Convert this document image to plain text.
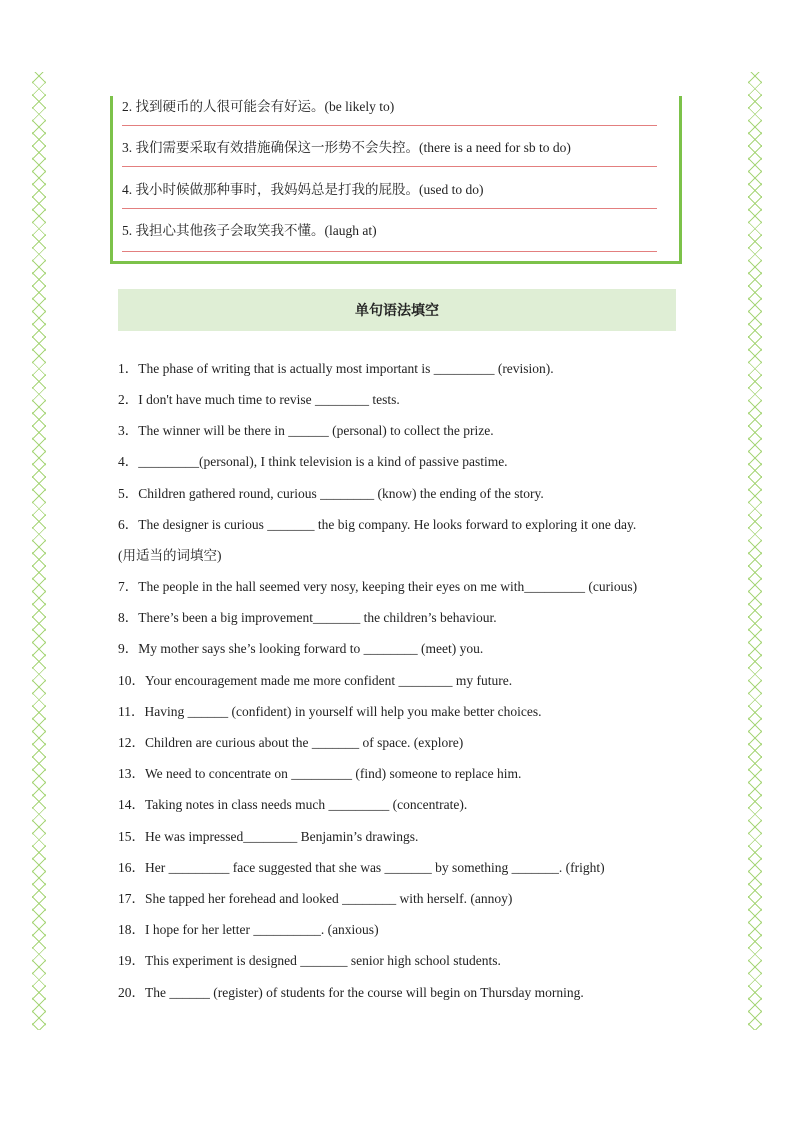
2. 找到硬币的人很可能会有好运。(be likely to)
3. 我们需要采取有效措施确保这一形势不会失控。(there is a need for sb to do)
4. 我小时候做那种事时，我妈妈总是打我的屁股。(used to do)
5. 我担心其他孩子会取笑我不懂。(laugh at)
单句语法填空
1．The phase of writing that is actually most important is _________ (revision).
2．I don't have much time to revise ________ tests.
3．The winner will be there in ______ (personal) to collect the prize.
4．_________(personal), I think television is a kind of passive pastime.
5．Children gathered round, curious ________ (know) the ending of the story.
6．The designer is curious _______ the big company. He looks forward to exploring it one day.
(用适当的词填空)
7．The people in the hall seemed very nosy, keeping their eyes on me with_________ (curious)
8．There’s been a big improvement_______ the children’s behaviour.
9．My mother says she’s looking forward to ________ (meet) you.
10．Your encouragement made me more confident ________ my future.
11．Having ______ (confident) in yourself will help you make better choices.
12．Children are curious about the _______ of space. (explore)
13．We need to concentrate on _________ (find) someone to replace him.
14．Taking notes in class needs much _________ (concentrate).
15．He was impressed________ Benjamin’s drawings.
16．Her _________ face suggested that she was _______ by something _______. (fright)
17．She tapped her forehead and looked ________ with herself. (annoy)
18．I hope for her letter __________. (anxious)
19．This experiment is designed _______ senior high school students.
20．The ______ (register) of students for the course will begin on Thursday morning.
